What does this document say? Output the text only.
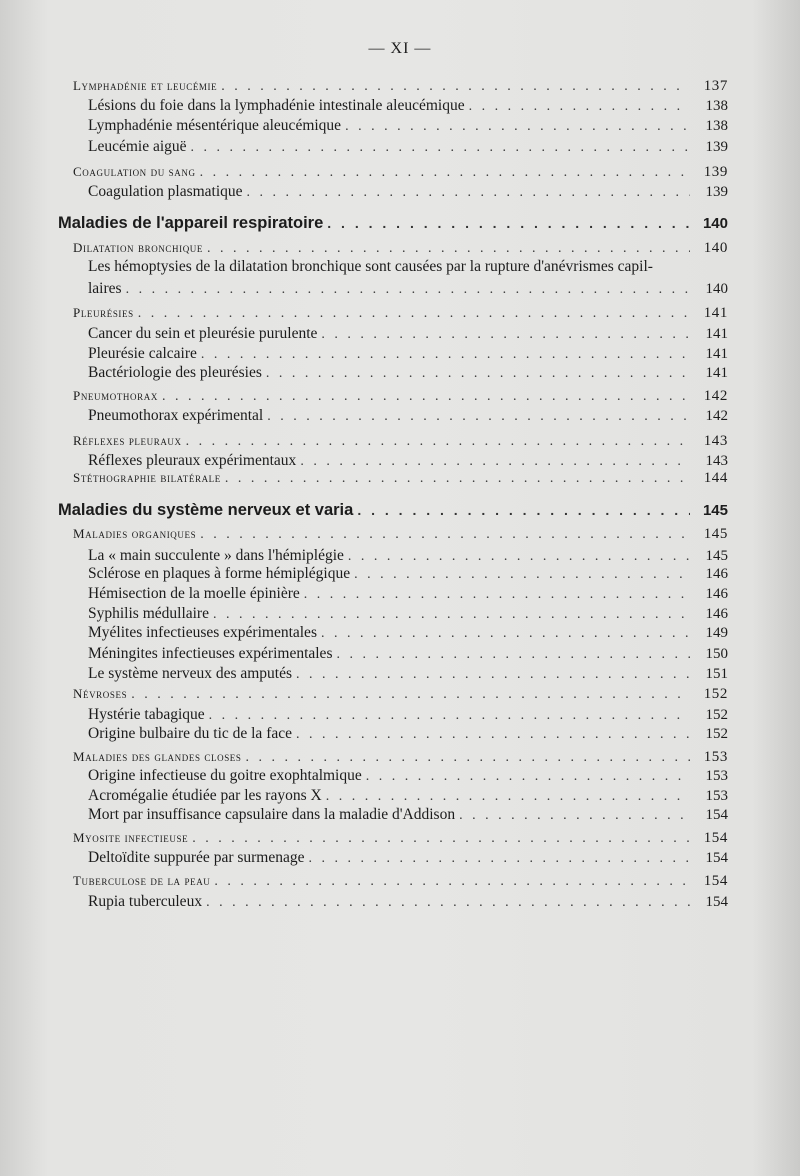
— XI —
Lymphadénie et leucémie . . .	137
Lésions du foie dans la lymphadénie intestinale aleucémique . . .	138
Lymphadénie mésentérique aleucémique . . .	138
Leucémie aiguë . . .	139
Coagulation du sang . . .	139
Coagulation plasmatique . . .	139
Maladies de l'appareil respiratoire . . .	140
Dilatation bronchique . . .	140
Les hémoptysies de la dilatation bronchique sont causées par la rupture d'anévrismes capil-
laires . . .	140
Pleurésies . . .	141
Cancer du sein et pleurésie purulente . . .	141
Pleurésie calcaire . . .	141
Bactériologie des pleurésies . . .	141
Pneumothorax . . .	142
Pneumothorax expérimental . . .	142
Réflexes pleuraux . . .	143
Réflexes pleuraux expérimentaux . . .	143
Stéthographie bilatérale . . .	144
Maladies du système nerveux et varia . . .	145
Maladies organiques . . .	145
La « main succulente » dans l'hémiplégie . . .	145
Sclérose en plaques à forme hémiplégique . . .	146
Hémisection de la moelle épinière . . .	146
Syphilis médullaire . . .	146
Myélites infectieuses expérimentales . . .	149
Méningites infectieuses expérimentales . . .	150
Le système nerveux des amputés . . .	151
Névroses . . .	152
Hystérie tabagique . . .	152
Origine bulbaire du tic de la face . . .	152
Maladies des glandes closes . . .	153
Origine infectieuse du goitre exophtalmique . . .	153
Acromégalie étudiée par les rayons X . . .	153
Mort par insuffisance capsulaire dans la maladie d'Addison . . .	154
Myosite infectieuse . . .	154
Deltoïdite suppurée par surmenage . . .	154
Tuberculose de la peau . . .	154
Rupia tuberculeux . . .	154
